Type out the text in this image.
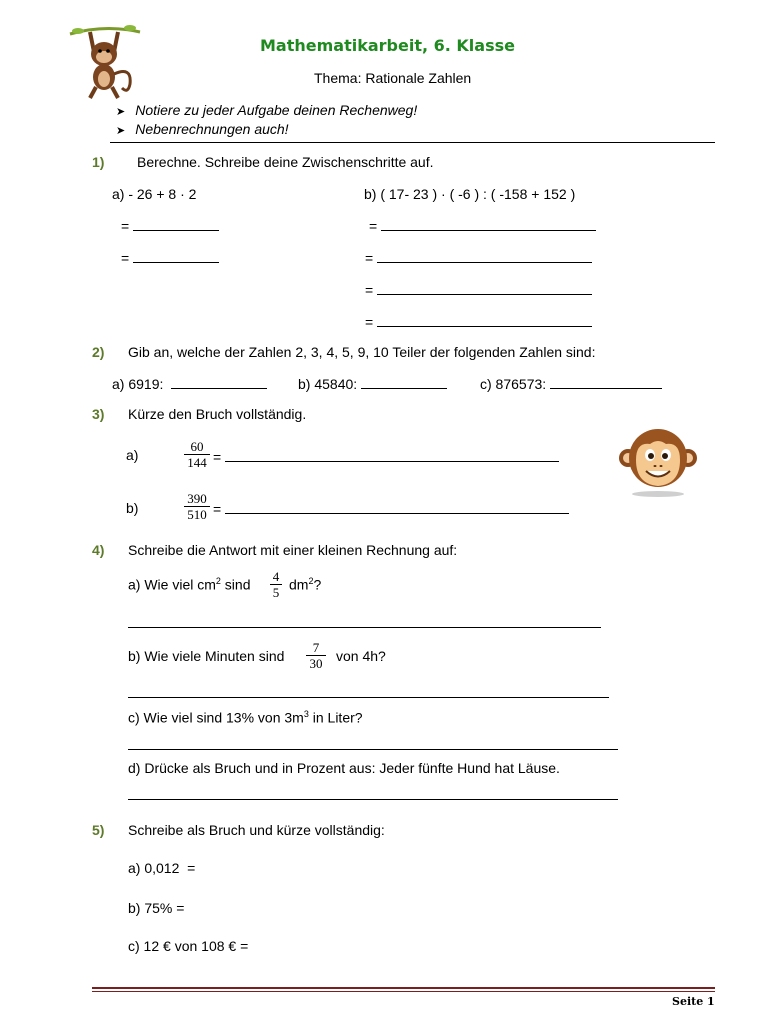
Mathematikarbeit, 6. Klasse
Thema: Rationale Zahlen
➤ Notiere zu jeder Aufgabe deinen Rechenweg!
➤ Nebenrechnungen auch!
1) Berechne. Schreibe deine Zwischenschritte auf.
a) - 26 + 8 · 2	b) ( 17- 23 ) · ( -6 ) : ( -158 + 152 )
=
=
=
=
=
=
2) Gib an, welche der Zahlen 2, 3, 4, 5, 9, 10 Teiler der folgenden Zahlen sind:
a) 6919:	b) 45840:	c) 876573:
3) Kürze den Bruch vollständig.
a)
60
144 =
b)
390
510 =
4) Schreibe die Antwort mit einer kleinen Rechnung auf:
a) Wie viel $cm^2$ sind
4
5 $dm^2$?
b) Wie viele Minuten sind
7
30 von 4h?
c) Wie viel sind 13% von $3m^3$ in Liter?
d) Drücke als Bruch und in Prozent aus: Jeder fünfte Hund hat Läuse.
5) Schreibe als Bruch und kürze vollständig:
a) 0,012  =
b) 75% =
c) 12 € von 108 € =
Seite 1
